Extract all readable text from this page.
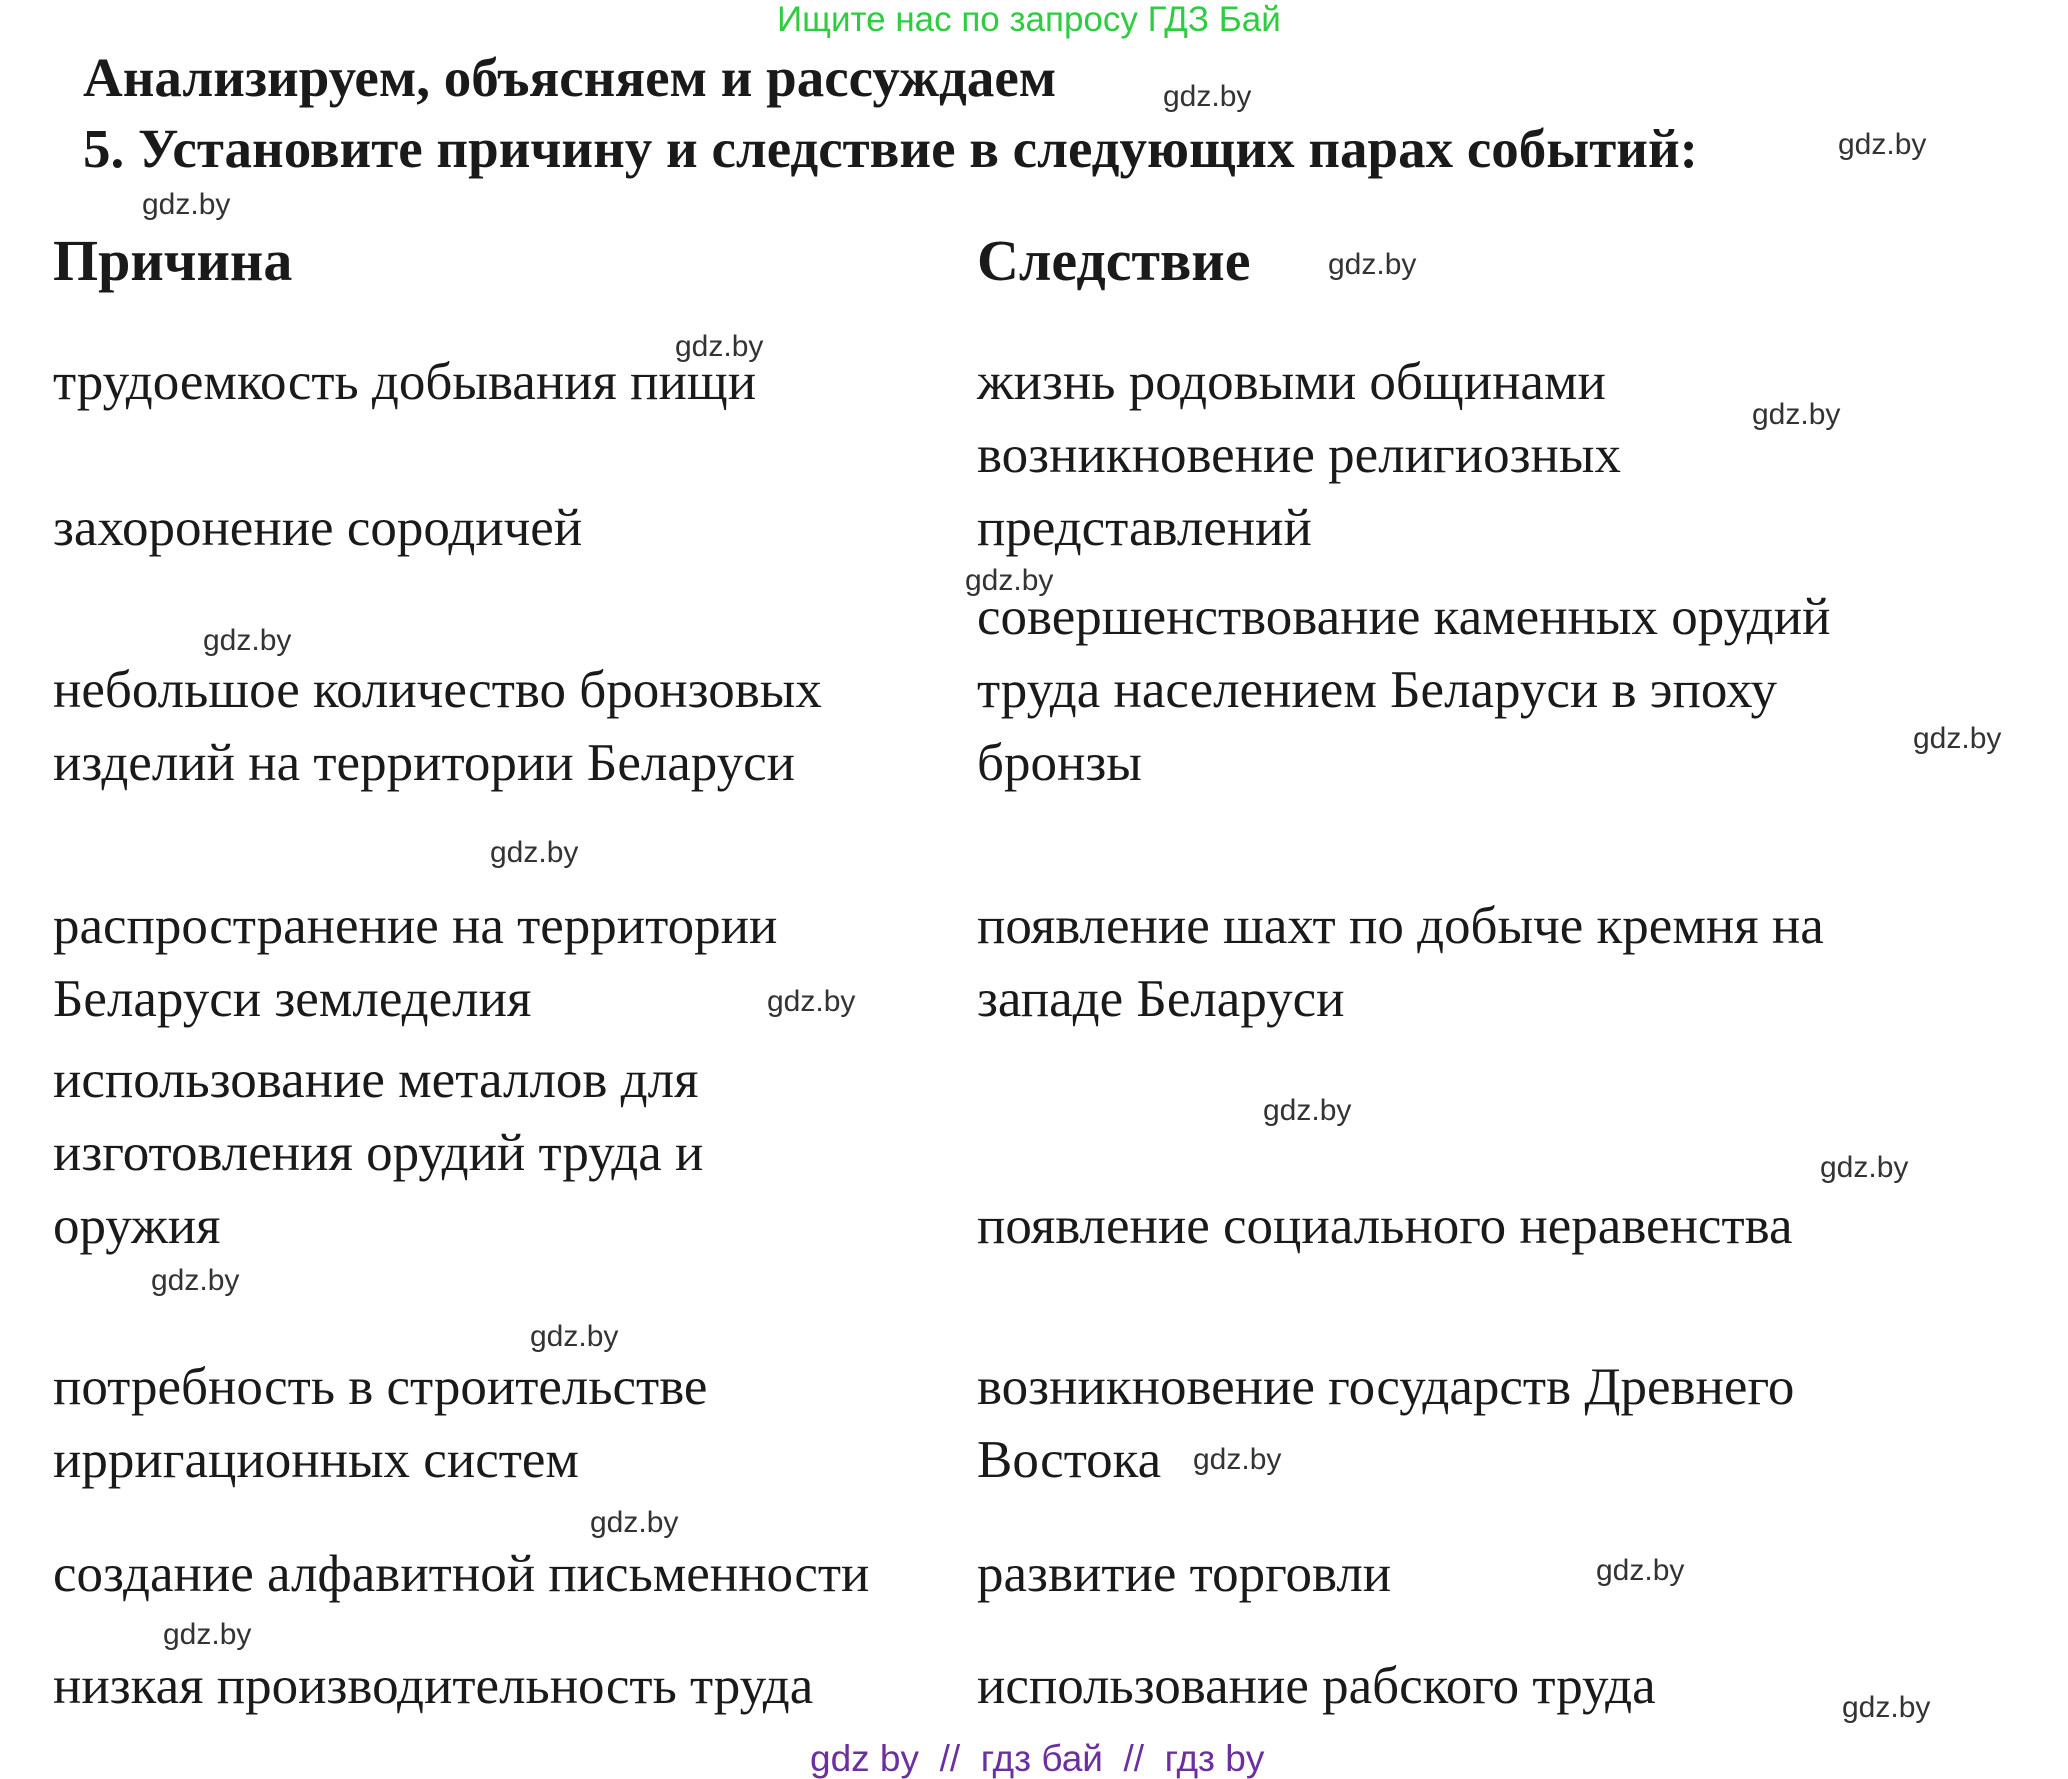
Ищите нас по запросу ГДЗ Бай
Анализируем, объясняем и рассуждаем
5. Установите причину и следствие в следующих парах событий:
Причина	Следствие
трудоемкость добывания пищи
захоронение сородичей
небольшое количество бронзовых
изделий на территории Беларуси
распространение на территории
Беларуси земледелия
использование металлов для
изготовления орудий труда и
оружия
потребность в строительстве
ирригационных систем
создание алфавитной письменности
низкая производительность труда
жизнь родовыми общинами
возникновение религиозных
представлений
совершенствование каменных орудий
труда населением Беларуси в эпоху
бронзы
появление шахт по добыче кремня на
западе Беларуси
появление социального неравенства
возникновение государств Древнего
Востока
развитие торговли
использование рабского труда
gdz.by
gdz.by
gdz.by
gdz.by
gdz.by
gdz.by
gdz.by
gdz.by
gdz.by
gdz.by
gdz.by
gdz.by
gdz.by
gdz.by
gdz.by
gdz.by
gdz.by
gdz.by
gdz.by
gdz.by
gdz by  //  гдз бай  //  гдз by
